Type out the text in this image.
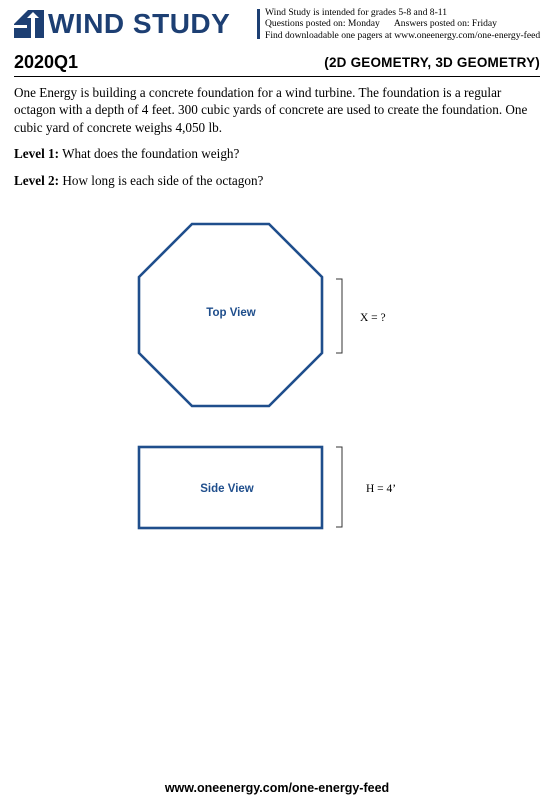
WIND STUDY	Wind Study is intended for grades 5-8 and 8-11
Questions posted on: Monday Answers posted on: Friday
Find downloadable one pagers at www.oneenergy.com/one-energy-feed
2020Q1	(2D GEOMETRY, 3D GEOMETRY)

One Energy is building a concrete foundation for a wind turbine. The foundation is a regular octagon with a depth of 4 feet. 300 cubic yards of concrete are used to create the foundation. One cubic yard of concrete weighs 4,050 lb.

Level 1: What does the foundation weigh?

Level 2: How long is each side of the octagon?

Top View	X = ?
Side View	H = 4’
www.oneenergy.com/one-energy-feed
